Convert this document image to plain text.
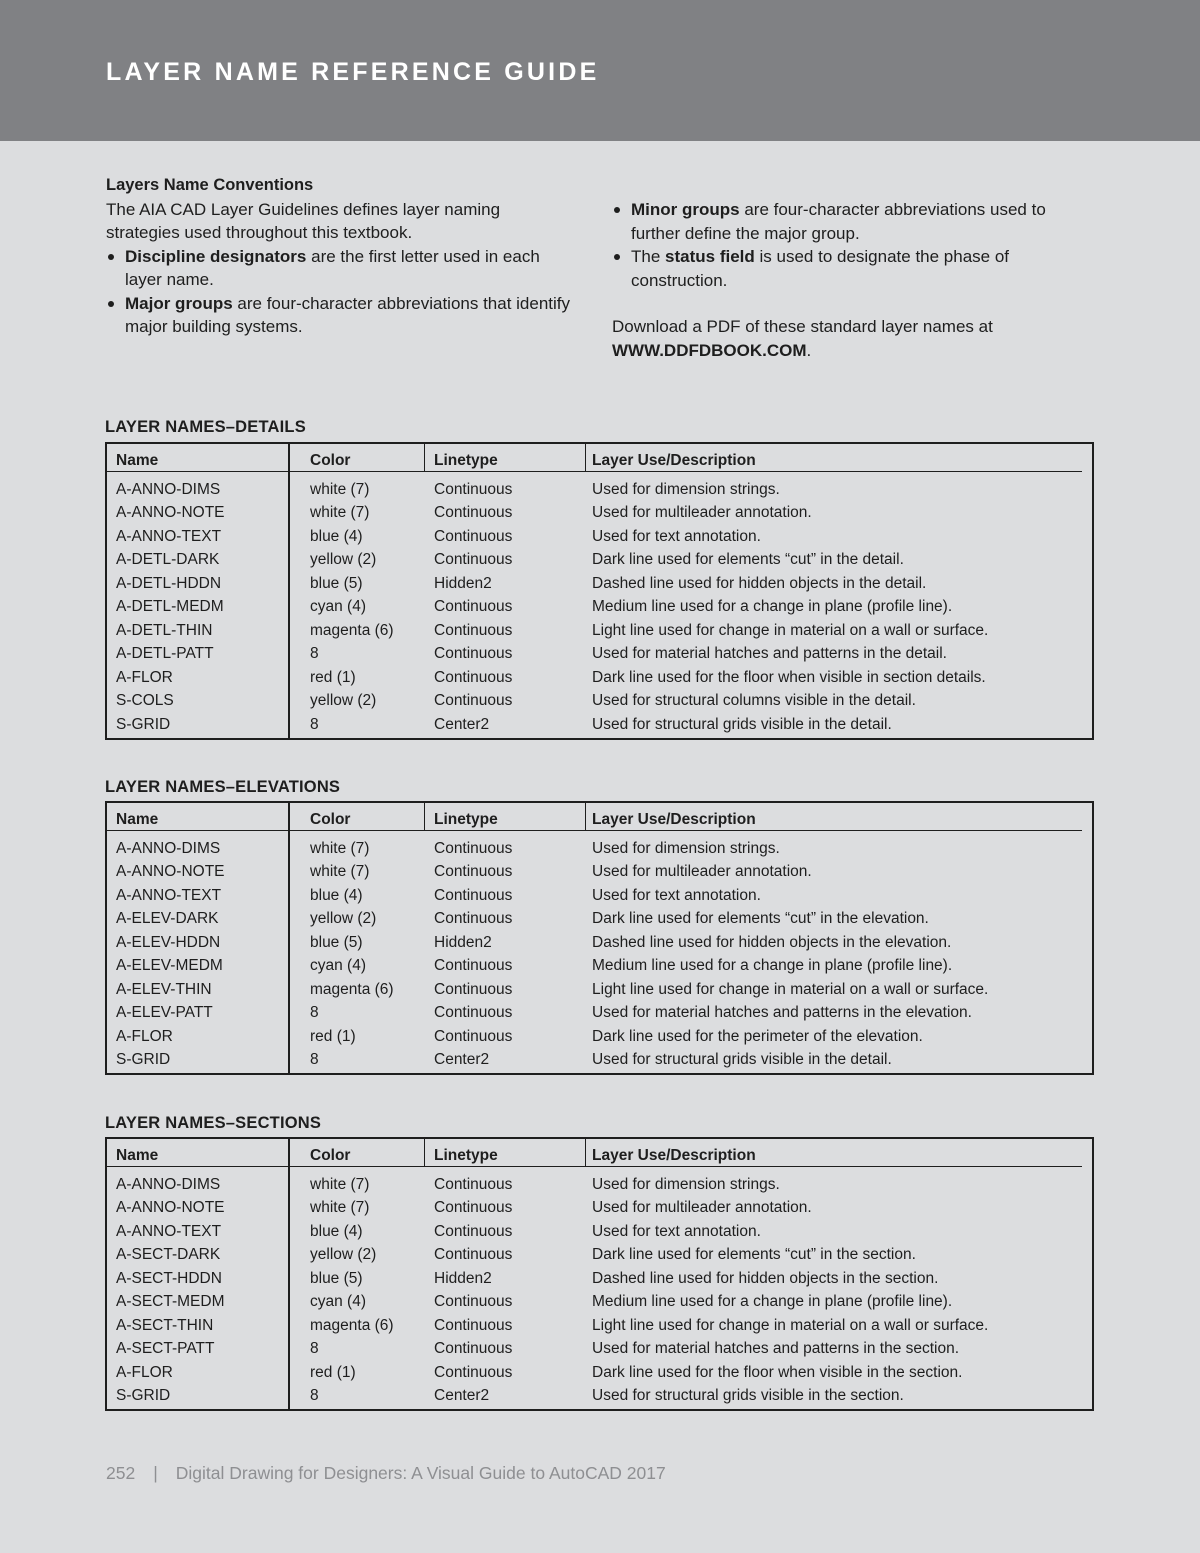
LAYER NAME REFERENCE GUIDE
Layers Name Conventions
The AIA CAD Layer Guidelines defines layer naming strategies used throughout this textbook.
Discipline designators are the first letter used in each layer name.
Major groups are four-character abbreviations that identify major building systems.
Minor groups are four-character abbreviations used to further define the major group.
The status field is used to designate the phase of construction.
Download a PDF of these standard layer names at WWW.DDFDBOOK.COM.
LAYER NAMES–DETAILS
Name	Color	Linetype	Layer Use/Description
A-ANNO-DIMS	white (7)	Continuous	Used for dimension strings.
A-ANNO-NOTE	white (7)	Continuous	Used for multileader annotation.
A-ANNO-TEXT	blue (4)	Continuous	Used for text annotation.
A-DETL-DARK	yellow (2)	Continuous	Dark line used for elements “cut” in the detail.
A-DETL-HDDN	blue (5)	Hidden2	Dashed line used for hidden objects in the detail.
A-DETL-MEDM	cyan (4)	Continuous	Medium line used for a change in plane (profile line).
A-DETL-THIN	magenta (6)	Continuous	Light line used for change in material on a wall or surface.
A-DETL-PATT	8	Continuous	Used for material hatches and patterns in the detail.
A-FLOR	red (1)	Continuous	Dark line used for the floor when visible in section details.
S-COLS	yellow (2)	Continuous	Used for structural columns visible in the detail.
S-GRID	8	Center2	Used for structural grids visible in the detail.
LAYER NAMES–ELEVATIONS
Name	Color	Linetype	Layer Use/Description
A-ANNO-DIMS	white (7)	Continuous	Used for dimension strings.
A-ANNO-NOTE	white (7)	Continuous	Used for multileader annotation.
A-ANNO-TEXT	blue (4)	Continuous	Used for text annotation.
A-ELEV-DARK	yellow (2)	Continuous	Dark line used for elements “cut” in the elevation.
A-ELEV-HDDN	blue (5)	Hidden2	Dashed line used for hidden objects in the elevation.
A-ELEV-MEDM	cyan (4)	Continuous	Medium line used for a change in plane (profile line).
A-ELEV-THIN	magenta (6)	Continuous	Light line used for change in material on a wall or surface.
A-ELEV-PATT	8	Continuous	Used for material hatches and patterns in the elevation.
A-FLOR	red (1)	Continuous	Dark line used for the perimeter of the elevation.
S-GRID	8	Center2	Used for structural grids visible in the detail.
LAYER NAMES–SECTIONS
Name	Color	Linetype	Layer Use/Description
A-ANNO-DIMS	white (7)	Continuous	Used for dimension strings.
A-ANNO-NOTE	white (7)	Continuous	Used for multileader annotation.
A-ANNO-TEXT	blue (4)	Continuous	Used for text annotation.
A-SECT-DARK	yellow (2)	Continuous	Dark line used for elements “cut” in the section.
A-SECT-HDDN	blue (5)	Hidden2	Dashed line used for hidden objects in the section.
A-SECT-MEDM	cyan (4)	Continuous	Medium line used for a change in plane (profile line).
A-SECT-THIN	magenta (6)	Continuous	Light line used for change in material on a wall or surface.
A-SECT-PATT	8	Continuous	Used for material hatches and patterns in the section.
A-FLOR	red (1)	Continuous	Dark line used for the floor when visible in the section.
S-GRID	8	Center2	Used for structural grids visible in the section.
252 | Digital Drawing for Designers: A Visual Guide to AutoCAD 2017
